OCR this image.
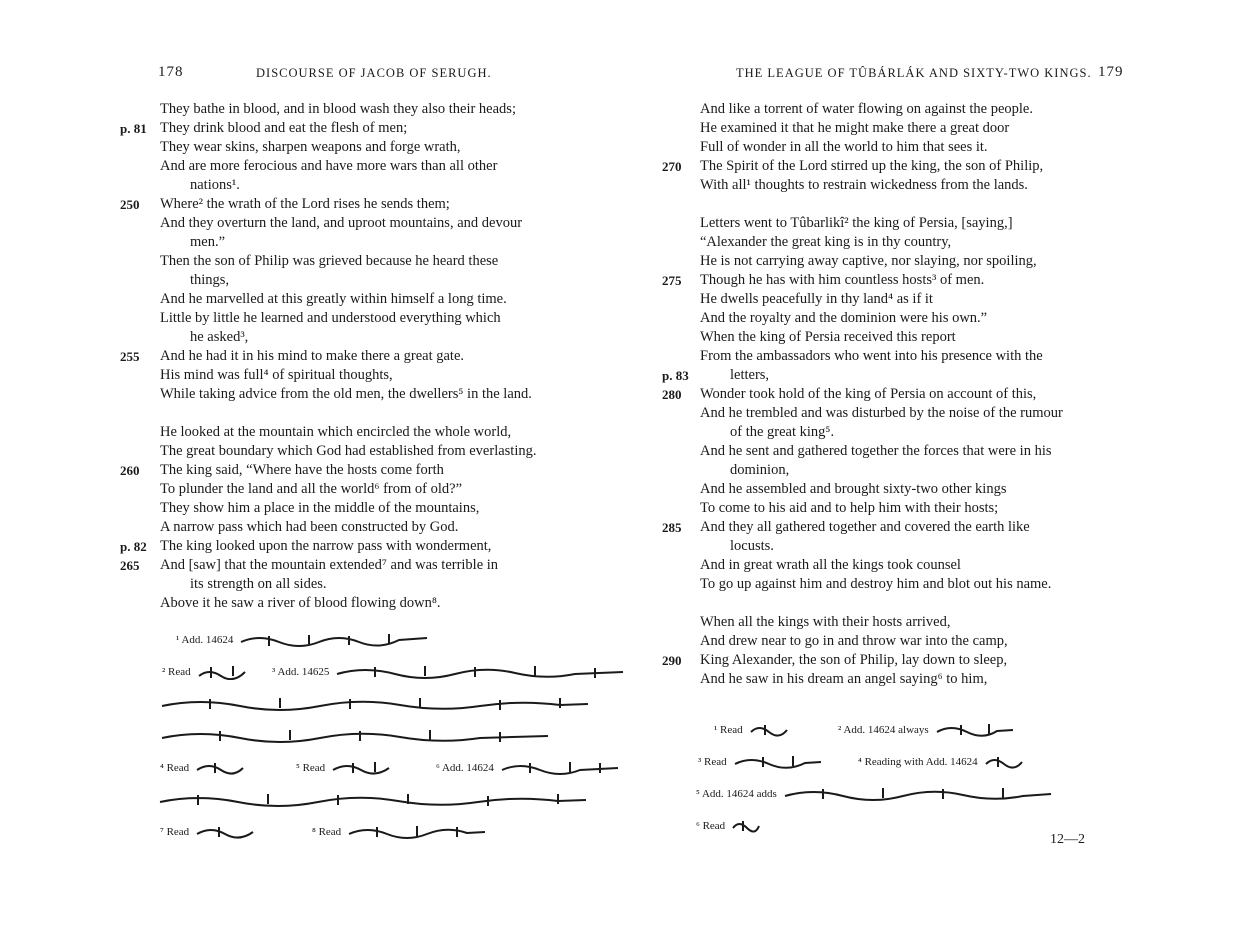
178	DISCOURSE OF JACOB OF SERUGH.
They bathe in blood, and in blood wash they also their heads;
p. 81 They drink blood and eat the flesh of men;
They wear skins, sharpen weapons and forge wrath,
And are more ferocious and have more wars than all other
nations¹.
250 Where² the wrath of the Lord rises he sends them;
And they overturn the land, and uproot mountains, and devour
men.”
Then the son of Philip was grieved because he heard these
things,
And he marvelled at this greatly within himself a long time.
Little by little he learned and understood everything which
he asked³,
255 And he had it in his mind to make there a great gate.
His mind was full⁴ of spiritual thoughts,
While taking advice from the old men, the dwellers⁵ in the land.
He looked at the mountain which encircled the whole world,
The great boundary which God had established from everlasting.
260 The king said, “Where have the hosts come forth
To plunder the land and all the world⁶ from of old?”
They show him a place in the middle of the mountains,
A narrow pass which had been constructed by God.
p. 82 The king looked upon the narrow pass with wonderment,
265 And [saw] that the mountain extended⁷ and was terrible in
its strength on all sides.
Above it he saw a river of blood flowing down⁸.
¹ Add. 14624
² Read	³ Add. 14625
⁴ Read	⁵ Read	⁶ Add. 14624
⁷ Read	⁸ Read
THE LEAGUE OF TÛBÁRLÁK AND SIXTY-TWO KINGS. 179
And like a torrent of water flowing on against the people.
He examined it that he might make there a great door
Full of wonder in all the world to him that sees it.
270 The Spirit of the Lord stirred up the king, the son of Philip,
With all¹ thoughts to restrain wickedness from the lands.
Letters went to Tûbarlikî² the king of Persia, [saying,]
“Alexander the great king is in thy country,
He is not carrying away captive, nor slaying, nor spoiling,
275 Though he has with him countless hosts³ of men.
He dwells peacefully in thy land⁴ as if it
And the royalty and the dominion were his own.”
When the king of Persia received this report
From the ambassadors who went into his presence with the
p. 83	letters,
280 Wonder took hold of the king of Persia on account of this,
And he trembled and was disturbed by the noise of the rumour
of the great king⁵.
And he sent and gathered together the forces that were in his
dominion,
And he assembled and brought sixty-two other kings
To come to his aid and to help him with their hosts;
285 And they all gathered together and covered the earth like
locusts.
And in great wrath all the kings took counsel
To go up against him and destroy him and blot out his name.
When all the kings with their hosts arrived,
And drew near to go in and throw war into the camp,
290 King Alexander, the son of Philip, lay down to sleep,
And he saw in his dream an angel saying⁶ to him,
¹ Read	² Add. 14624 always
³ Read	⁴ Reading with Add. 14624
⁵ Add. 14624 adds
⁶ Read
12—2
